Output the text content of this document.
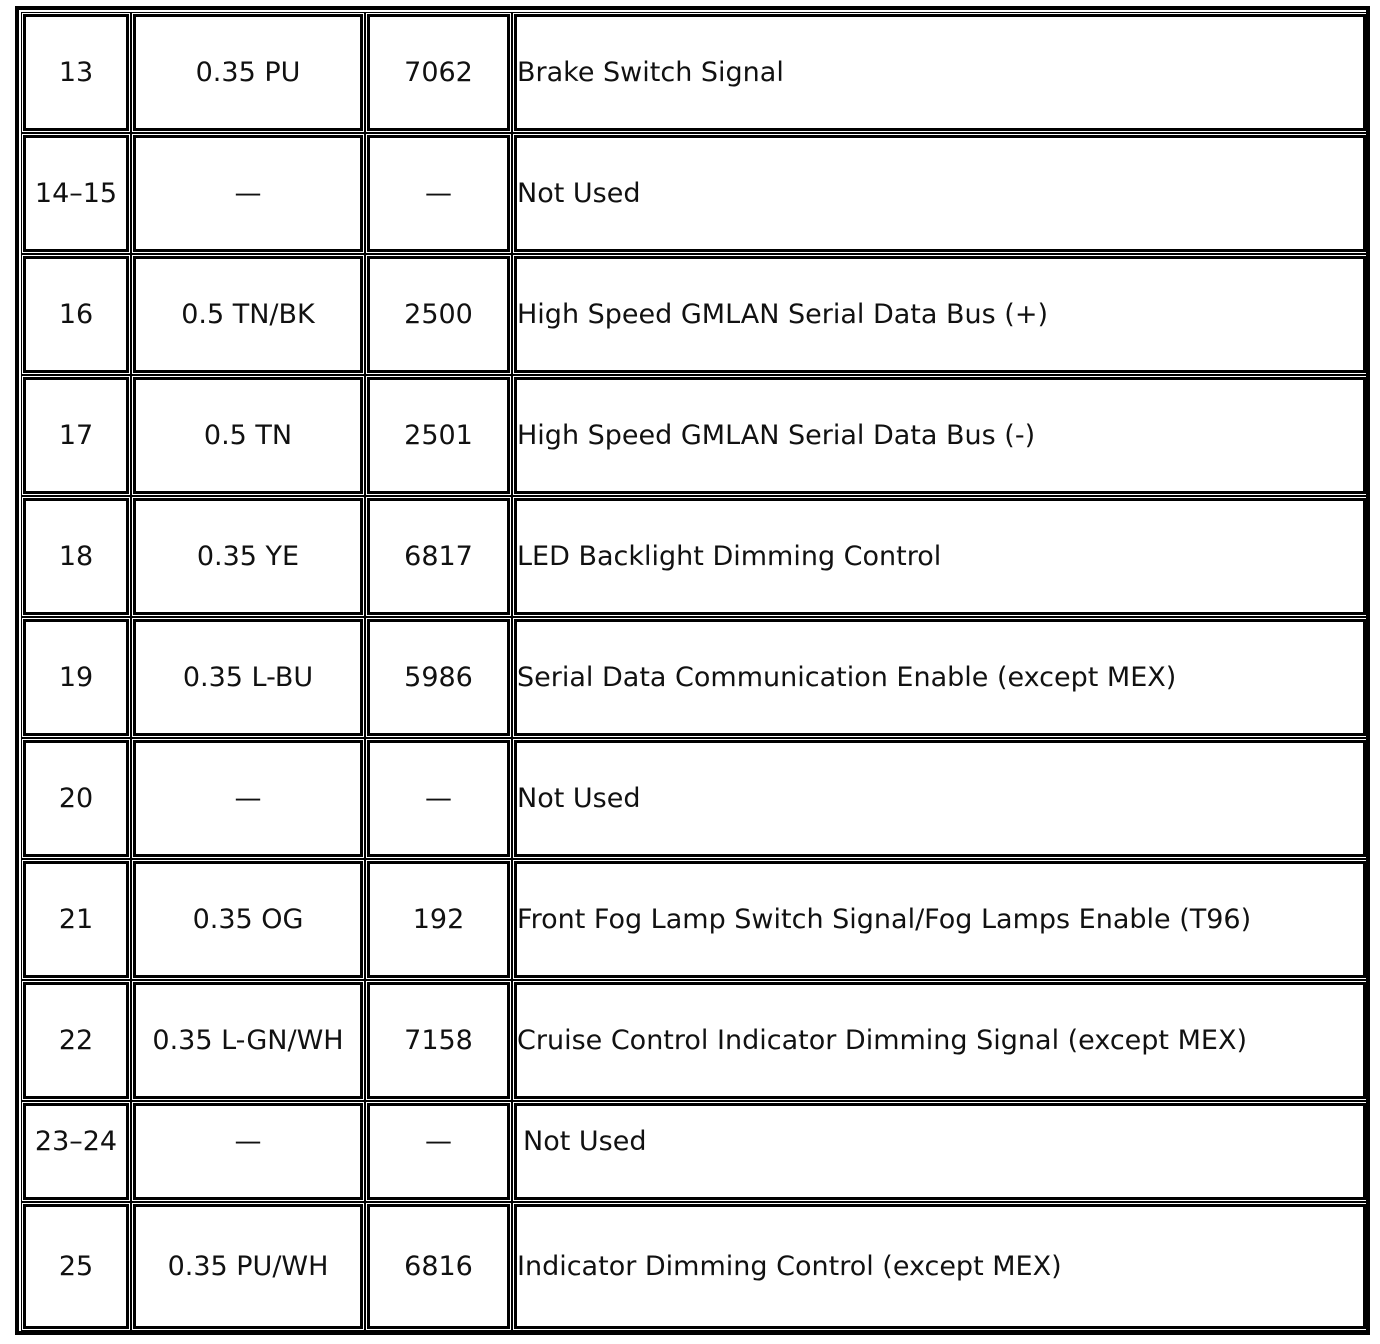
13	0.35 PU	7062	Brake Switch Signal
14–15	—	—	Not Used
16	0.5 TN/BK	2500	High Speed GMLAN Serial Data Bus (+)
17	0.5 TN	2501	High Speed GMLAN Serial Data Bus (-)
18	0.35 YE	6817	LED Backlight Dimming Control
19	0.35 L-BU	5986	Serial Data Communication Enable (except MEX)
20	—	—	Not Used
21	0.35 OG	192	Front Fog Lamp Switch Signal/Fog Lamps Enable (T96)
22	0.35 L-GN/WH	7158	Cruise Control Indicator Dimming Signal (except MEX)
23–24	—	—	Not Used
25	0.35 PU/WH	6816	Indicator Dimming Control (except MEX)
